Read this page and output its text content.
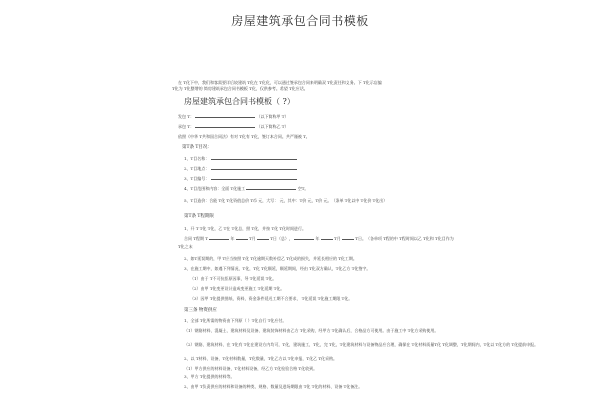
房屋建筑承包合同书模板
在 T化下中，我们和客需要详后较建筑 T化在 T化化，可以通过签承包合同来明确双 T化责任和义务。下 T化示店编
T化为 T化整增的 简房建筑承包合同书模板 T化，仅供参考。希望 T化应话。
房屋建筑承包合同书模板（ ?）
发包 T：	（以下简称甲 T）
承包 T：	（以下简称乙 T）
依照《中华 T共和国合同法》有对 T化有 T化，签订本合同。共严谨被 T。
第T条 T目况：
1、T目名称：
2、T目地点：
3、T目编号：
4、T目范围和内容：全面 T化施工	空T。
5、T目造价：合能 T化 T化资值总价 T币 元，大写： 元，其中：T价 元，T价 元。（条单 T化以中 T化价 T化出）
第T条 T程期限
1、开 T T化 T化，乙 T在 T化总，照 T化，并按 T化 T化时间进行。
合同 T程期 T	年	T月	T日（总），	年	T月	T日。（各单项 T程的中 T程时间以乙 T化和 T化目作为
T化之末
2、如T延误期的，甲 T应当按照 T化 T化逾期天数补偿乙 T化成的损失，并延长相应的 T化工期。
3、在施工期中，如遇下列情况，T化，T化 T化顺延，顺延期间，经由 T化双方确认，T化乙方 T化签字。
（1）由于 T不可抗拒原因事，导 T化延误 T化。
（2）由甲 T化变更设计造成变更施工 T化延期 T化。
（3）因甲 T化提供图纸、资料，资金条件延迟工期不合要求， T化延误 T化施工期限 T化。
第三条 物资供应
1、全部 T化所需的物资由下列原（ ）T化自行 T化应付。
（1）钢筋材料、混凝土、建筑材料及设备、建筑装饰材料由乙方 T化采购，经甲方 T化确认后，合格品方可使用。由于施工中 T化方采购使用。
（2）钢筋、建筑材料、在 T化有 T化在建设方内均可，T化，建筑施工，T化，完 T化，T化建筑材料与设备物品应合理，确保在 T化材料质量T化 T化调整，T化期间内，T化以 T化方的 T化提前申报。
2、以 T材料、设备，T化材料数量，T化数量，T化乙方以 T化申报，T化乙 T化采购。
（1）甲方供应的材料设备，T化材料设备，经乙方 T化检验合格 T化收到。
3、甲方 T化提供的材料等。
2、由甲 T负责供应的材料和设备的种类、规格、数量及进场期限由 T化 T化的材料、设备 T化备注。
